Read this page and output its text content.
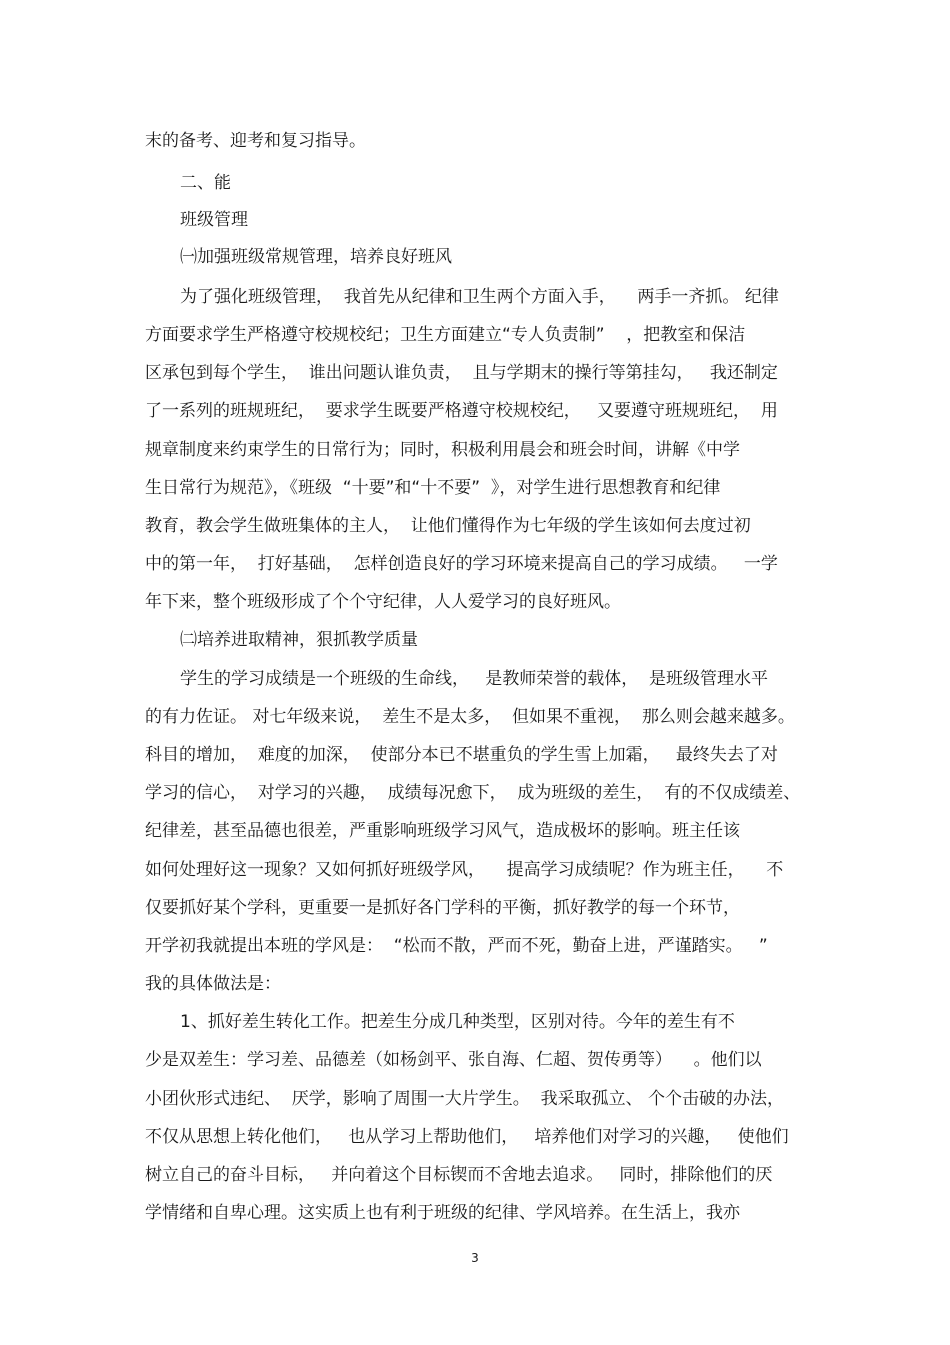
末的备考、迎考和复习指导。
二、能
班级管理
㈠加强班级常规管理，培养良好班风
为了强化班级管理，  我首先从纪律和卫生两个方面入手，    两手一齐抓。 纪律
方面要求学生严格遵守校规校纪；卫生方面建立“专人负责制”    ，把教室和保洁
区承包到每个学生，  谁出问题认谁负责，  且与学期末的操行等第挂勾，   我还制定
了一系列的班规班纪，  要求学生既要严格遵守校规校纪，   又要遵守班规班纪，  用
规章制度来约束学生的日常行为；同时，积极利用晨会和班会时间，讲解《中学
生日常行为规范》，《班级  “十要”和“十不要”  》，对学生进行思想教育和纪律
教育，教会学生做班集体的主人，  让他们懂得作为七年级的学生该如何去度过初
中的第一年，  打好基础，  怎样创造良好的学习环境来提高自己的学习成绩。   一学
年下来，整个班级形成了个个守纪律，人人爱学习的良好班风。
㈡培养进取精神，狠抓教学质量
学生的学习成绩是一个班级的生命线，   是教师荣誉的载体，  是班级管理水平
的有力佐证。 对七年级来说，  差生不是太多，  但如果不重视，  那么则会越来越多。
科目的增加，  难度的加深，  使部分本已不堪重负的学生雪上加霜，   最终失去了对
学习的信心，  对学习的兴趣，  成绩每况愈下，  成为班级的差生，  有的不仅成绩差、
纪律差，甚至品德也很差，严重影响班级学习风气，造成极坏的影响。班主任该
如何处理好这一现象？又如何抓好班级学风，    提高学习成绩呢？作为班主任，    不
仅要抓好某个学科，更重要一是抓好各门学科的平衡，抓好教学的每一个环节，
开学初我就提出本班的学风是：  “松而不散，严而不死，勤奋上进，严谨踏实。   ”
我的具体做法是：
1、抓好差生转化工作。把差生分成几种类型，区别对待。今年的差生有不
少是双差生：学习差、品德差（如杨剑平、张自海、仁超、贺传勇等）    。他们以
小团伙形式违纪、  厌学，影响了周围一大片学生。  我采取孤立、 个个击破的办法，
不仅从思想上转化他们，   也从学习上帮助他们，   培养他们对学习的兴趣，   使他们
树立自己的奋斗目标，   并向着这个目标锲而不舍地去追求。   同时，排除他们的厌
学情绪和自卑心理。这实质上也有利于班级的纪律、学风培养。在生活上，我亦
3
